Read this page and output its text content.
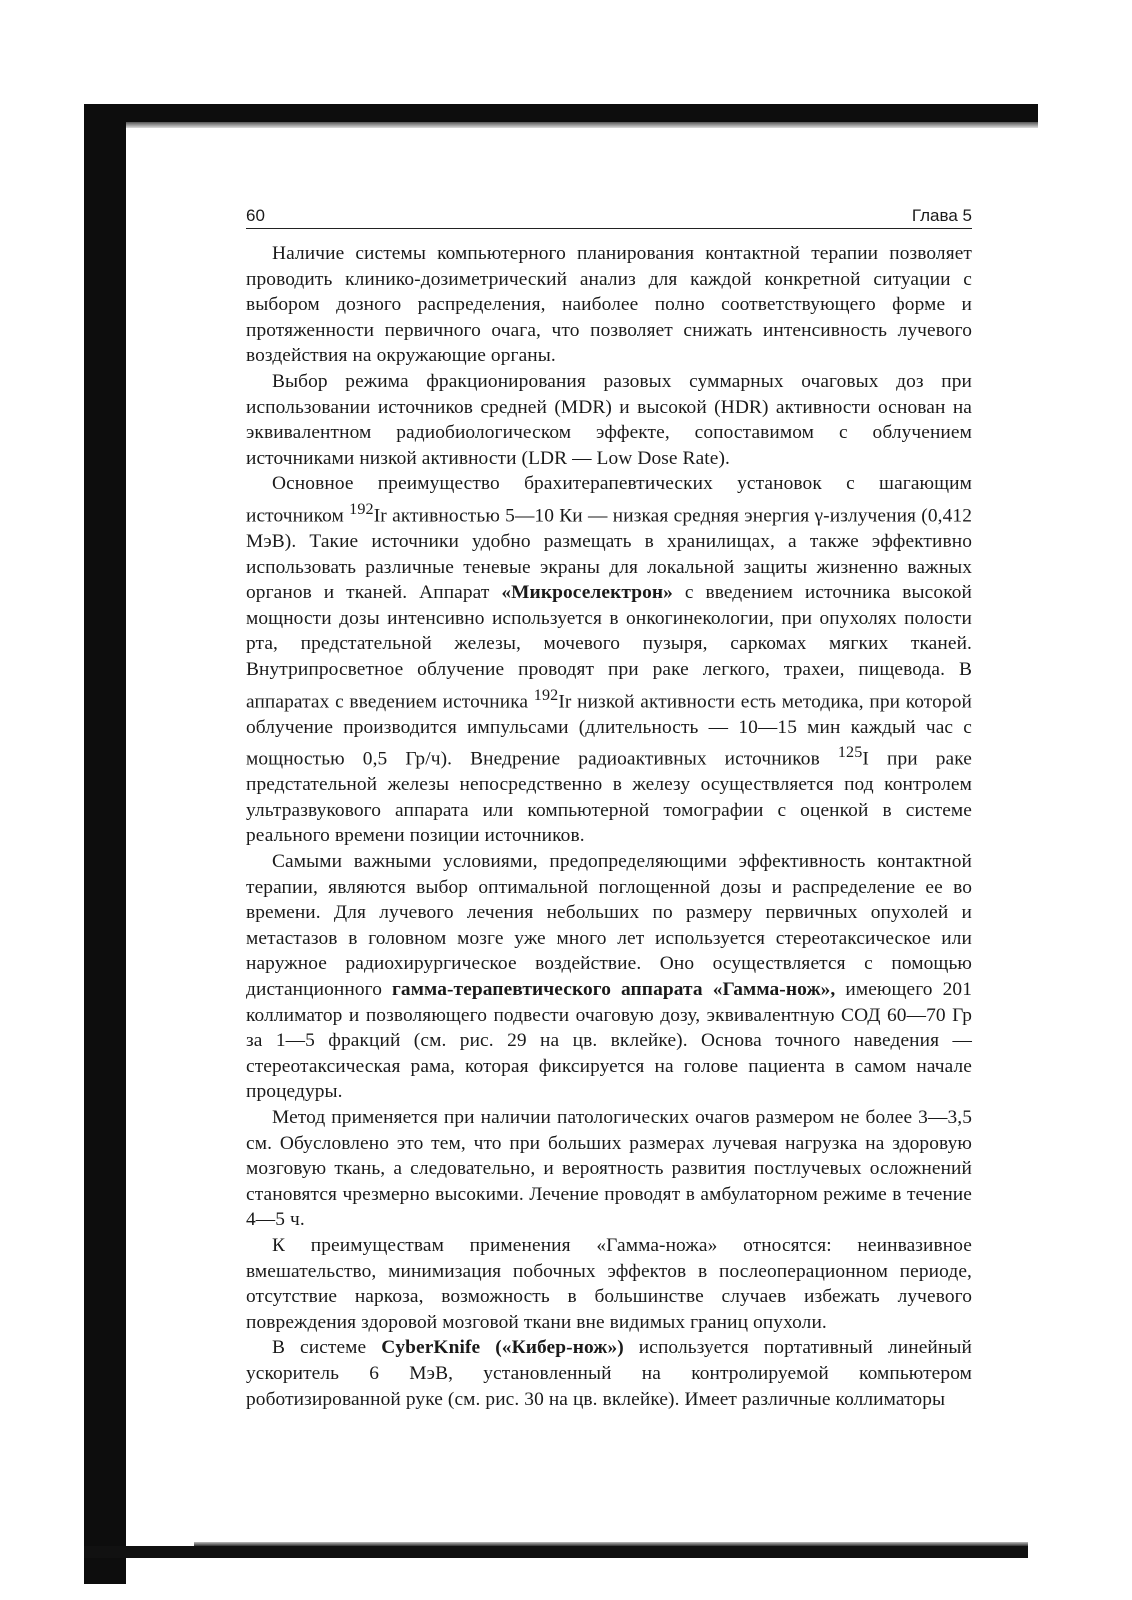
60	Глава 5

Наличие системы компьютерного планирования контактной терапии позволяет проводить клинико-дозиметрический анализ для каждой конкретной ситуации с выбором дозного распределения, наиболее полно соответствующего форме и протяженности первичного очага, что позволяет снижать интенсивность лучевого воздействия на окружающие органы.

Выбор режима фракционирования разовых суммарных очаговых доз при использовании источников средней (MDR) и высокой (HDR) активности основан на эквивалентном радиобиологическом эффекте, сопоставимом с облучением источниками низкой активности (LDR — Low Dose Rate).

Основное преимущество брахитерапевтических установок с шагающим источником $^{192}$Ir активностью 5—10 Ки — низкая средняя энергия γ-излучения (0,412 МэВ). Такие источники удобно размещать в хранилищах, а также эффективно использовать различные теневые экраны для локальной защиты жизненно важных органов и тканей. Аппарат «Микроселектрон» с введением источника высокой мощности дозы интенсивно используется в онкогинекологии, при опухолях полости рта, предстательной железы, мочевого пузыря, саркомах мягких тканей. Внутрипросветное облучение проводят при раке легкого, трахеи, пищевода. В аппаратах с введением источника $^{192}$Ir низкой активности есть методика, при которой облучение производится импульсами (длительность — 10—15 мин каждый час с мощностью 0,5 Гр/ч). Внедрение радиоактивных источников $^{125}$I при раке предстательной железы непосредственно в железу осуществляется под контролем ультразвукового аппарата или компьютерной томографии с оценкой в системе реального времени позиции источников.

Самыми важными условиями, предопределяющими эффективность контактной терапии, являются выбор оптимальной поглощенной дозы и распределение ее во времени. Для лучевого лечения небольших по размеру первичных опухолей и метастазов в головном мозге уже много лет используется стереотаксическое или наружное радиохирургическое воздействие. Оно осуществляется с помощью дистанционного гамма-терапевтического аппарата «Гамма-нож», имеющего 201 коллиматор и позволяющего подвести очаговую дозу, эквивалентную СОД 60—70 Гр за 1—5 фракций (см. рис. 29 на цв. вклейке). Основа точного наведения — стереотаксическая рама, которая фиксируется на голове пациента в самом начале процедуры.

Метод применяется при наличии патологических очагов размером не более 3—3,5 см. Обусловлено это тем, что при больших размерах лучевая нагрузка на здоровую мозговую ткань, а следовательно, и вероятность развития постлучевых осложнений становятся чрезмерно высокими. Лечение проводят в амбулаторном режиме в течение 4—5 ч.

К преимуществам применения «Гамма-ножа» относятся: неинвазивное вмешательство, минимизация побочных эффектов в послеоперационном периоде, отсутствие наркоза, возможность в большинстве случаев избежать лучевого повреждения здоровой мозговой ткани вне видимых границ опухоли.

В системе CyberKnife («Кибер-нож») используется портативный линейный ускоритель 6 МэВ, установленный на контролируемой компьютером роботизированной руке (см. рис. 30 на цв. вклейке). Имеет различные коллиматоры
